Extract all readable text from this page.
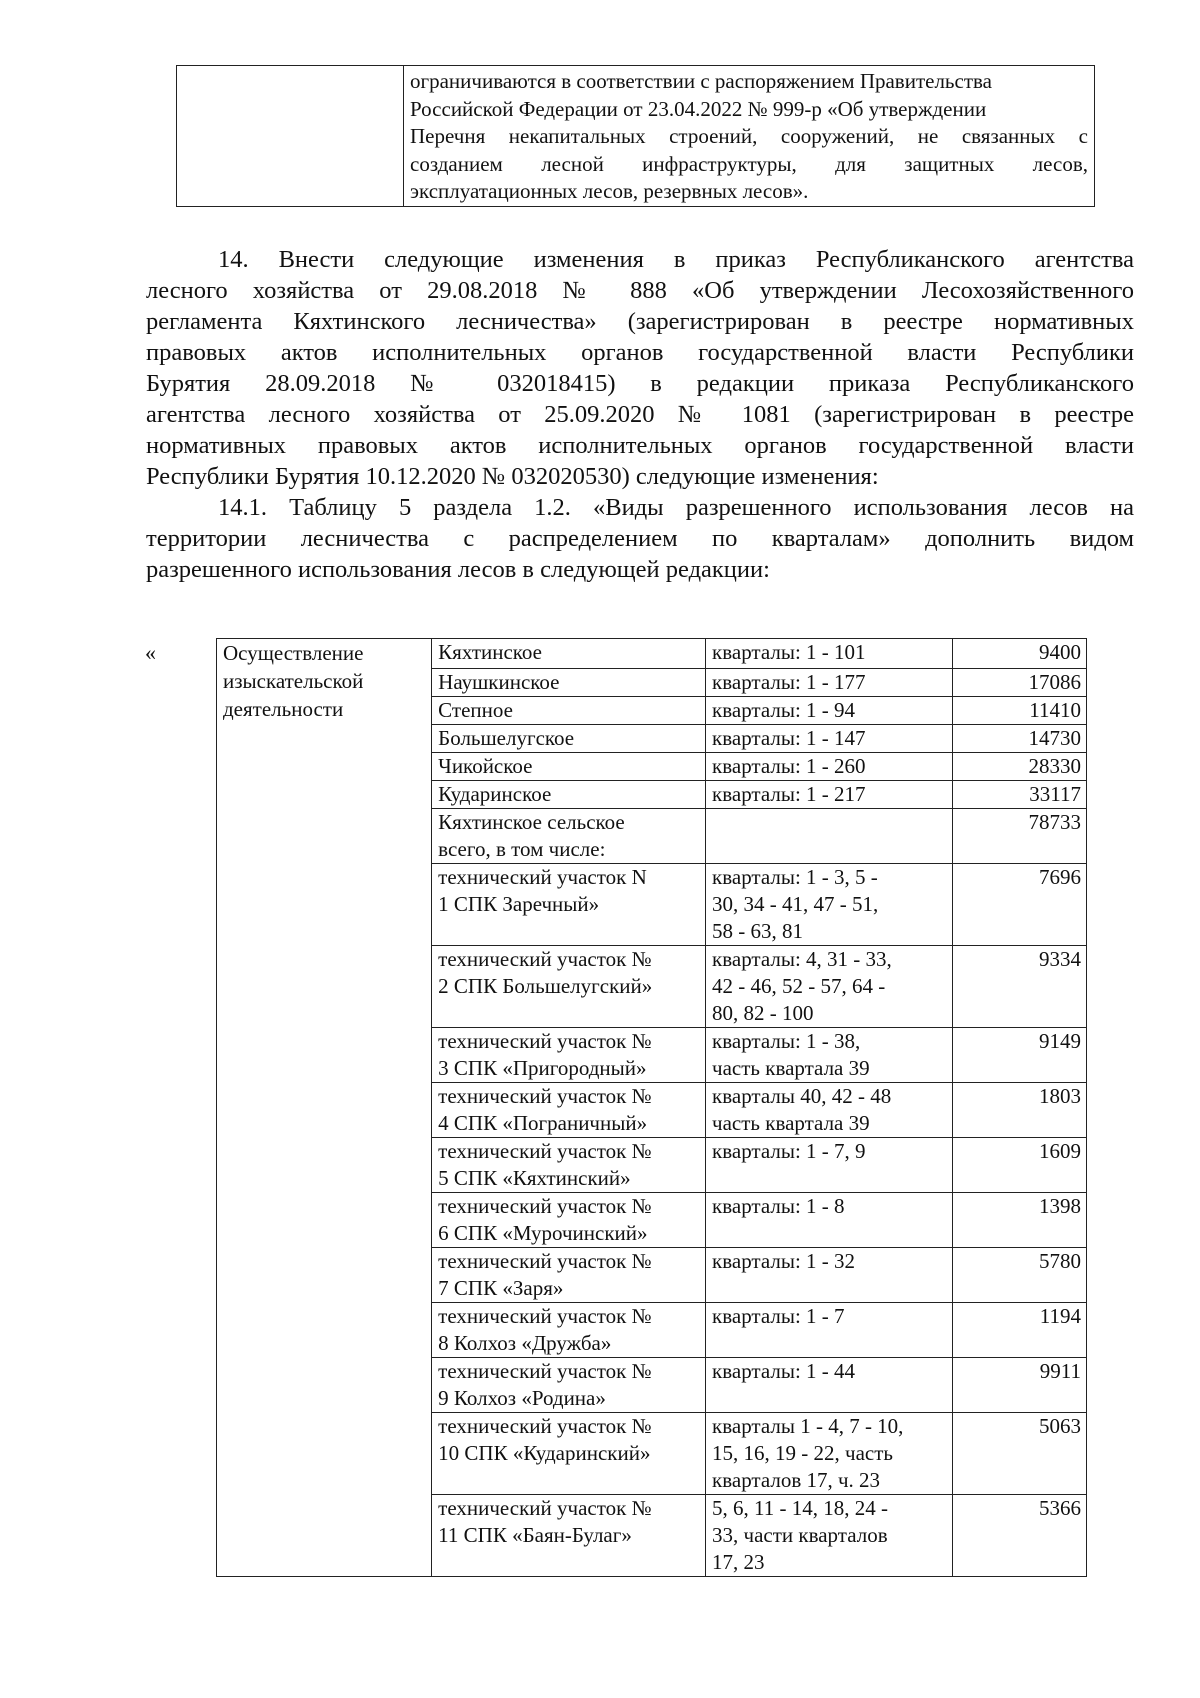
ограничиваются в соответствии с распоряжением Правительства
Российской Федерации от 23.04.2022 № 999-р «Об утверждении
Перечня некапитальных строений, сооружений, не связанных с
созданием лесной инфраструктуры, для защитных лесов,
эксплуатационных лесов, резервных лесов».
14. Внести следующие изменения в приказ Республиканского агентства
лесного хозяйства от 29.08.2018 № 888 «Об утверждении Лесохозяйственного
регламента Кяхтинского лесничества» (зарегистрирован в реестре нормативных
правовых актов исполнительных органов государственной власти Республики
Бурятия 28.09.2018 № 032018415) в редакции приказа Республиканского
агентства лесного хозяйства от 25.09.2020 № 1081 (зарегистрирован в реестре
нормативных правовых актов исполнительных органов государственной власти
Республики Бурятия 10.12.2020 № 032020530) следующие изменения:
14.1. Таблицу 5 раздела 1.2. «Виды разрешенного использования лесов на
территории лесничества с распределением по кварталам» дополнить видом
разрешенного использования лесов в следующей редакции:
«	Осуществление
изыскательской
деятельности	Кяхтинское	кварталы: 1 - 101	9400

	Наушкинское	кварталы: 1 - 177	17086

	Степное	кварталы: 1 - 94	11410

	Большелугское	кварталы: 1 - 147	14730

	Чикойское	кварталы: 1 - 260	28330

	Кударинское	кварталы: 1 - 217	33117

	Кяхтинское сельское
всего, в том числе:		78733

	технический участок N
1 СПК Заречный»	кварталы: 1 - 3, 5 -
30, 34 - 41, 47 - 51,
58 - 63, 81	7696

	технический участок №
2 СПК Большелугский»	кварталы: 4, 31 - 33,
42 - 46, 52 - 57, 64 -
80, 82 - 100	9334

	технический участок №
3 СПК «Пригородный»	кварталы: 1 - 38,
часть квартала 39	9149

	технический участок №
4 СПК «Пограничный»	кварталы 40, 42 - 48
часть квартала 39	1803

	технический участок №
5 СПК «Кяхтинский»	кварталы: 1 - 7, 9	1609

	технический участок №
6 СПК «Мурочинский»	кварталы: 1 - 8	1398

	технический участок №
7 СПК «Заря»	кварталы: 1 - 32	5780

	технический участок №
8 Колхоз «Дружба»	кварталы: 1 - 7	1194

	технический участок №
9 Колхоз «Родина»	кварталы: 1 - 44	9911

	технический участок №
10 СПК «Кударинский»	кварталы 1 - 4, 7 - 10,
15, 16, 19 - 22, часть
кварталов 17, ч. 23	5063

	технический участок №
11 СПК «Баян-Булаг»	5, 6, 11 - 14, 18, 24 -
33, части кварталов
17, 23	5366
